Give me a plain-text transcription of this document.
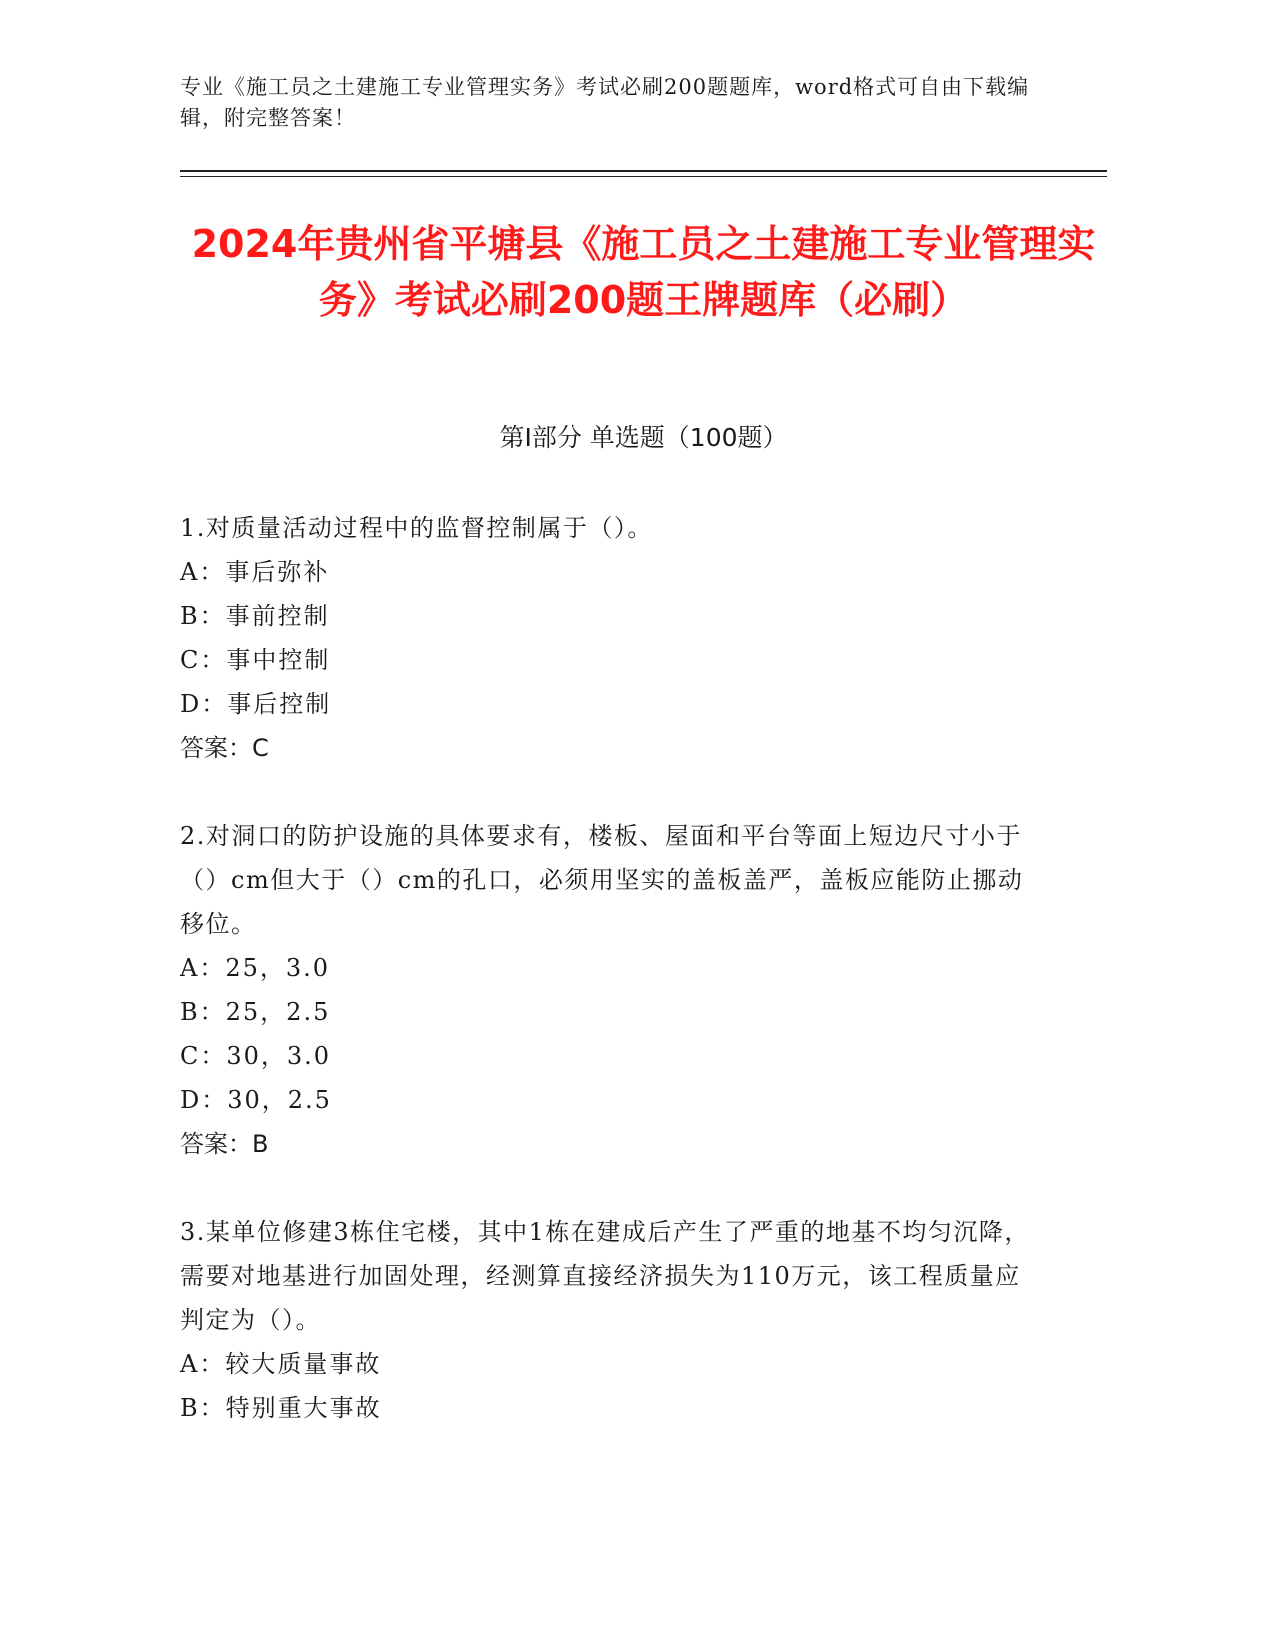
专业《施工员之土建施工专业管理实务》考试必刷200题题库，word格式可自由下载编辑，附完整答案！

2024年贵州省平塘县《施工员之土建施工专业管理实务》考试必刷200题王牌题库（必刷）
第I部分 单选题（100题）

1.对质量活动过程中的监督控制属于（）。

A：事后弥补

B：事前控制

C：事中控制

D：事后控制

答案：C

2.对洞口的防护设施的具体要求有，楼板、屋面和平台等面上短边尺寸小于（）cm但大于（）cm的孔口，必须用坚实的盖板盖严，盖板应能防止挪动移位。

A：25，3.0

B：25，2.5

C：30，3.0

D：30，2.5

答案：B

3.某单位修建3栋住宅楼，其中1栋在建成后产生了严重的地基不均匀沉降，需要对地基进行加固处理，经测算直接经济损失为110万元，该工程质量应判定为（）。

A：较大质量事故

B：特别重大事故
